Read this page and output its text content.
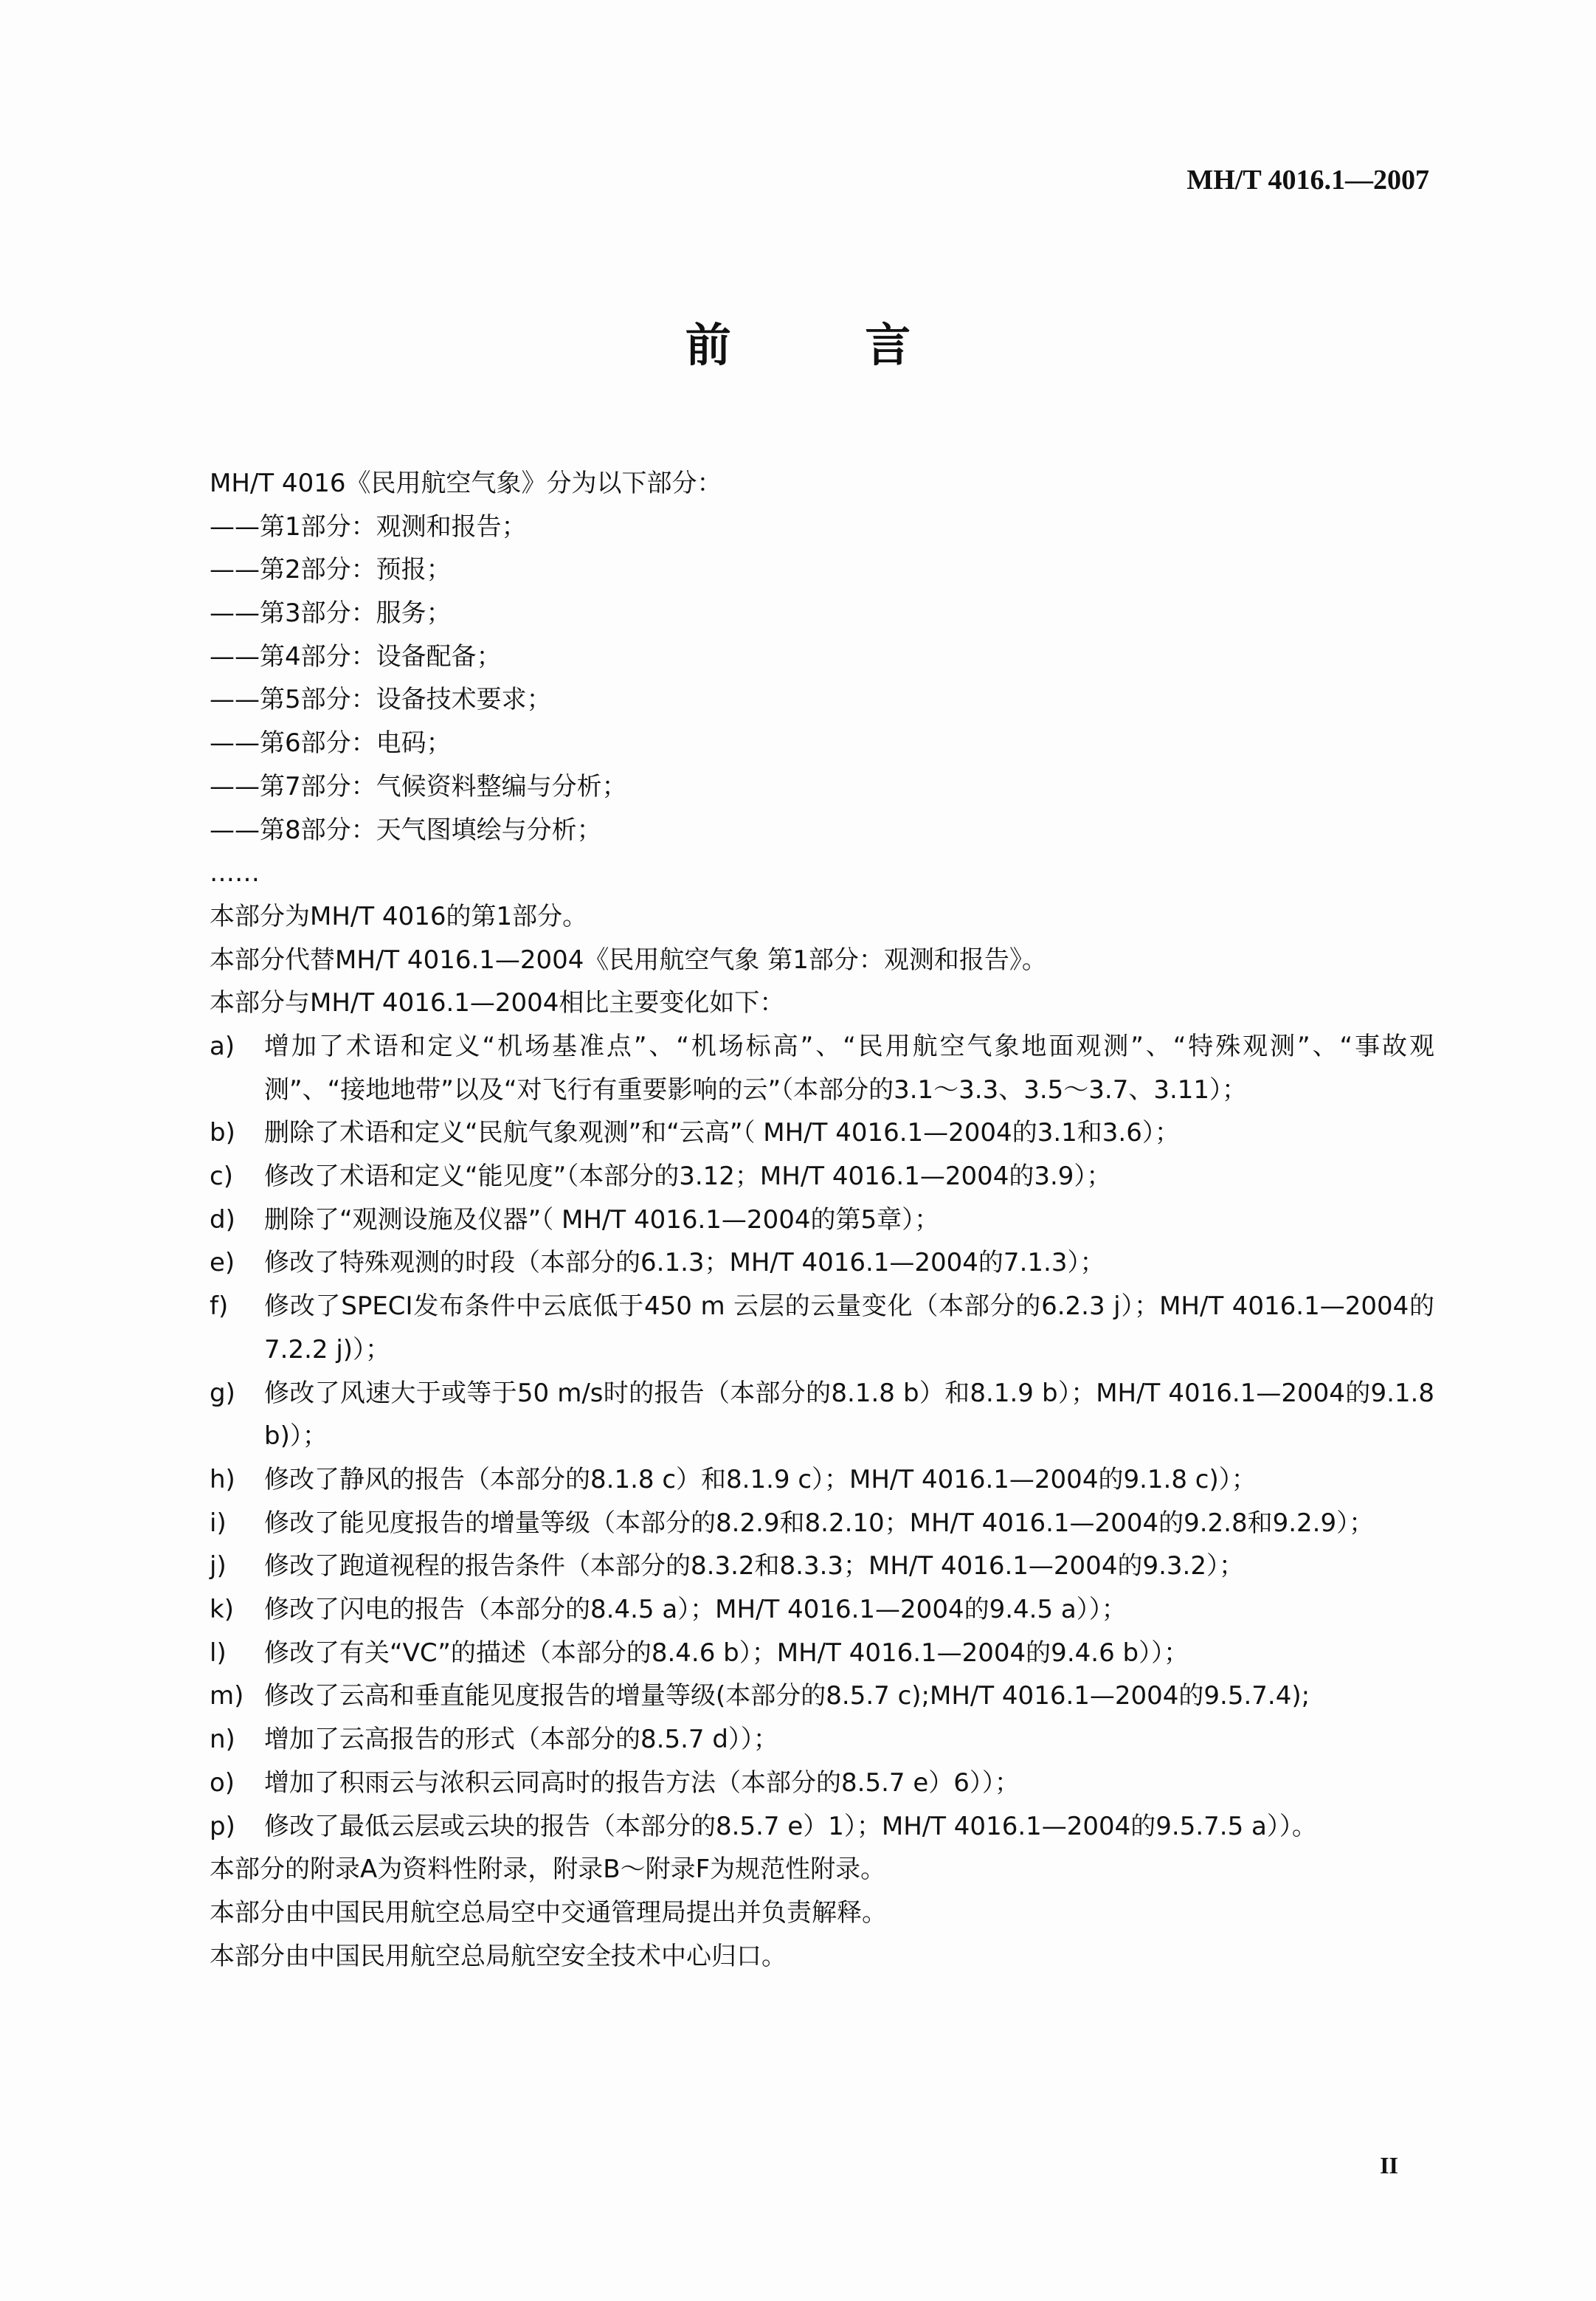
MH/T 4016.1—2007
前 言
MH/T 4016《民用航空气象》分为以下部分：
——第1部分：观测和报告；
——第2部分：预报；
——第3部分：服务；
——第4部分：设备配备；
——第5部分：设备技术要求；
——第6部分：电码；
——第7部分：气候资料整编与分析；
——第8部分：天气图填绘与分析；
……
本部分为MH/T 4016的第1部分。
本部分代替MH/T 4016.1—2004《民用航空气象 第1部分：观测和报告》。
本部分与MH/T 4016.1—2004相比主要变化如下：
a)	增加了术语和定义“机场基准点”、“机场标高”、“民用航空气象地面观测”、“特殊观测”、“事故观测”、“接地地带”以及“对飞行有重要影响的云”（本部分的3.1～3.3、3.5～3.7、3.11）；
b)	删除了术语和定义“民航气象观测”和“云高”（ MH/T 4016.1—2004的3.1和3.6）；
c)	修改了术语和定义“能见度”（本部分的3.12；MH/T 4016.1—2004的3.9）；
d)	删除了“观测设施及仪器”（ MH/T 4016.1—2004的第5章）；
e)	修改了特殊观测的时段（本部分的6.1.3；MH/T 4016.1—2004的7.1.3）；
f)	修改了SPECI发布条件中云底低于450 m 云层的云量变化（本部分的6.2.3 j）；MH/T 4016.1—2004的7.2.2 j)）；
g)	修改了风速大于或等于50 m/s时的报告（本部分的8.1.8 b）和8.1.9 b）；MH/T 4016.1—2004的9.1.8 b)）；
h)	修改了静风的报告（本部分的8.1.8 c）和8.1.9 c）；MH/T 4016.1—2004的9.1.8 c)）；
i)	修改了能见度报告的增量等级（本部分的8.2.9和8.2.10；MH/T 4016.1—2004的9.2.8和9.2.9）；
j)	修改了跑道视程的报告条件（本部分的8.3.2和8.3.3；MH/T 4016.1—2004的9.3.2）；
k)	修改了闪电的报告（本部分的8.4.5 a）；MH/T 4016.1—2004的9.4.5 a））；
l)	修改了有关“VC”的描述（本部分的8.4.6 b）；MH/T 4016.1—2004的9.4.6 b））；
m) 修改了云高和垂直能见度报告的增量等级(本部分的8.5.7 c);MH/T 4016.1—2004的9.5.7.4);
n)	增加了云高报告的形式（本部分的8.5.7 d））；
o)	增加了积雨云与浓积云同高时的报告方法（本部分的8.5.7 e）6））；
p)	修改了最低云层或云块的报告（本部分的8.5.7 e）1）；MH/T 4016.1—2004的9.5.7.5 a））。
本部分的附录A为资料性附录，附录B～附录F为规范性附录。
本部分由中国民用航空总局空中交通管理局提出并负责解释。
本部分由中国民用航空总局航空安全技术中心归口。
II
